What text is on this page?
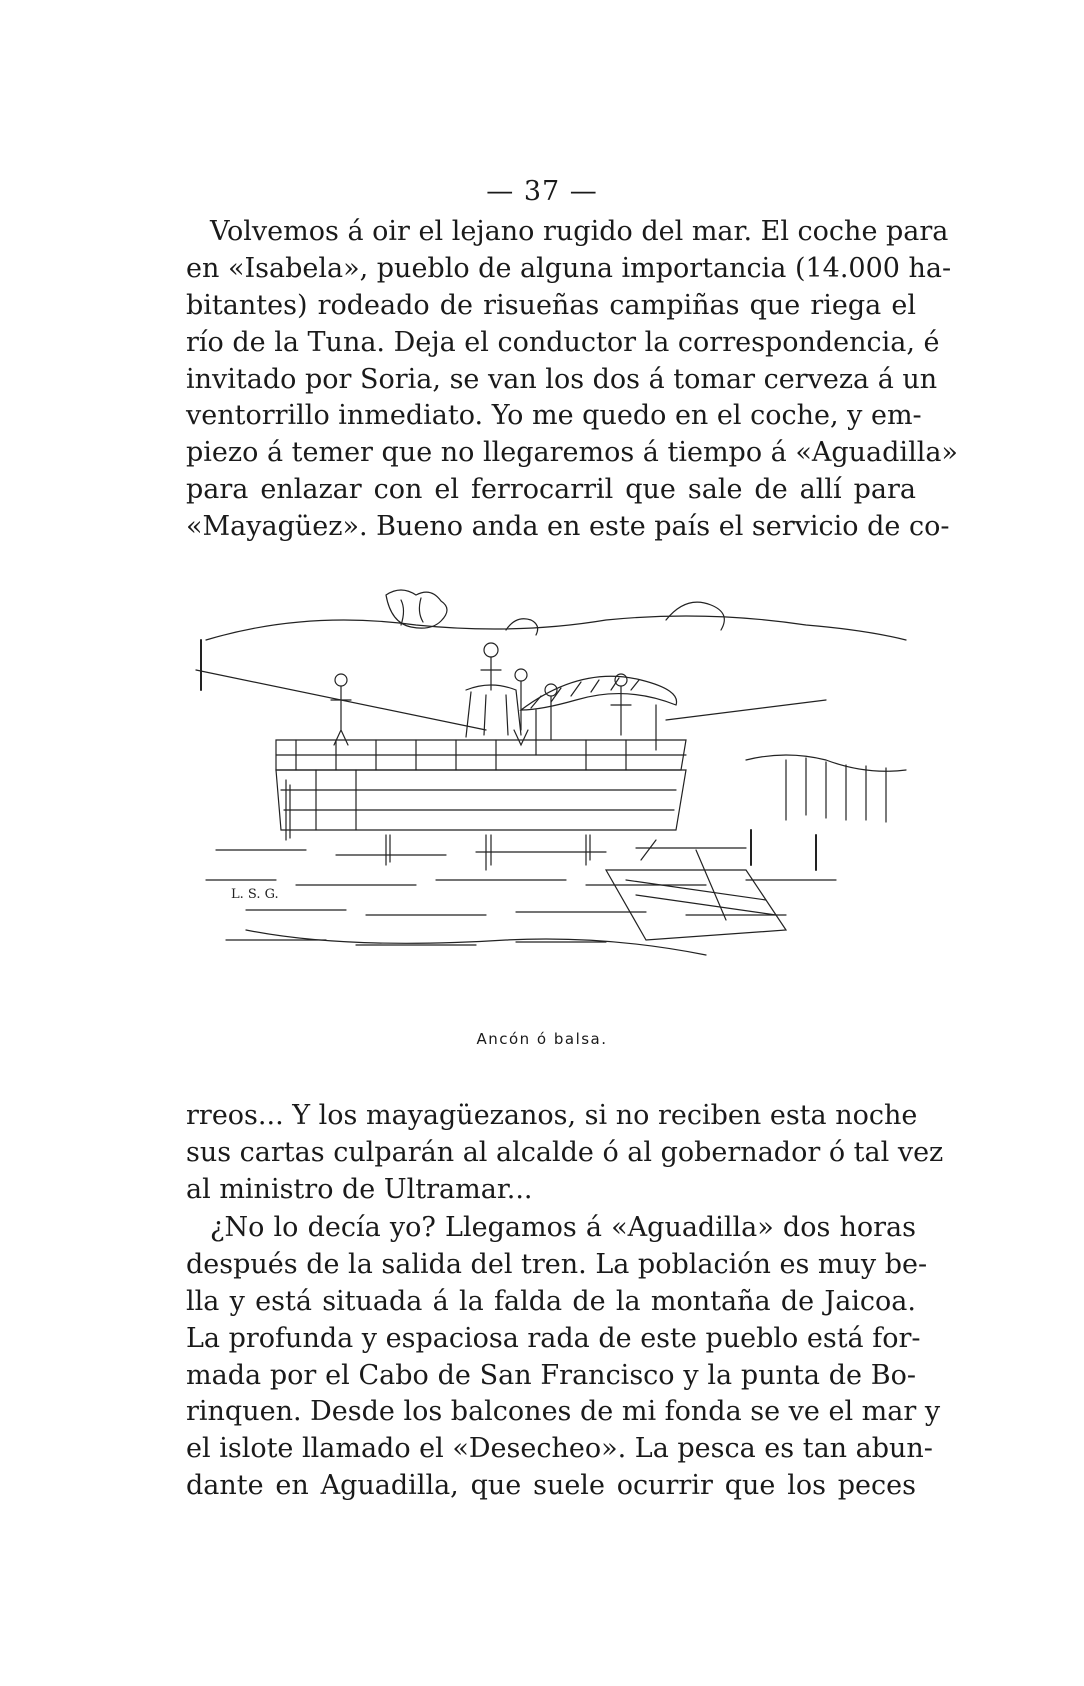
— 37 —
Volvemos á oir el lejano rugido del mar. El coche para
en «Isabela», pueblo de alguna importancia (14.000 ha-
bitantes) rodeado de risueñas campiñas que riega el
río de la Tuna. Deja el conductor la correspondencia, é
invitado por Soria, se van los dos á tomar cerveza á un
ventorrillo inmediato. Yo me quedo en el coche, y em-
piezo á temer que no llegaremos á tiempo á «Aguadilla»
para enlazar con el ferrocarril que sale de allí para
«Mayagüez». Bueno anda en este país el servicio de co-
L. S. G.
Ancón ó balsa.
rreos... Y los mayagüezanos, si no reciben esta noche
sus cartas culparán al alcalde ó al gobernador ó tal vez
al ministro de Ultramar...
¿No lo decía yo? Llegamos á «Aguadilla» dos horas
después de la salida del tren. La población es muy be-
lla y está situada á la falda de la montaña de Jaicoa.
La profunda y espaciosa rada de este pueblo está for-
mada por el Cabo de San Francisco y la punta de Bo-
rinquen. Desde los balcones de mi fonda se ve el mar y
el islote llamado el «Desecheo». La pesca es tan abun-
dante en Aguadilla, que suele ocurrir que los peces
